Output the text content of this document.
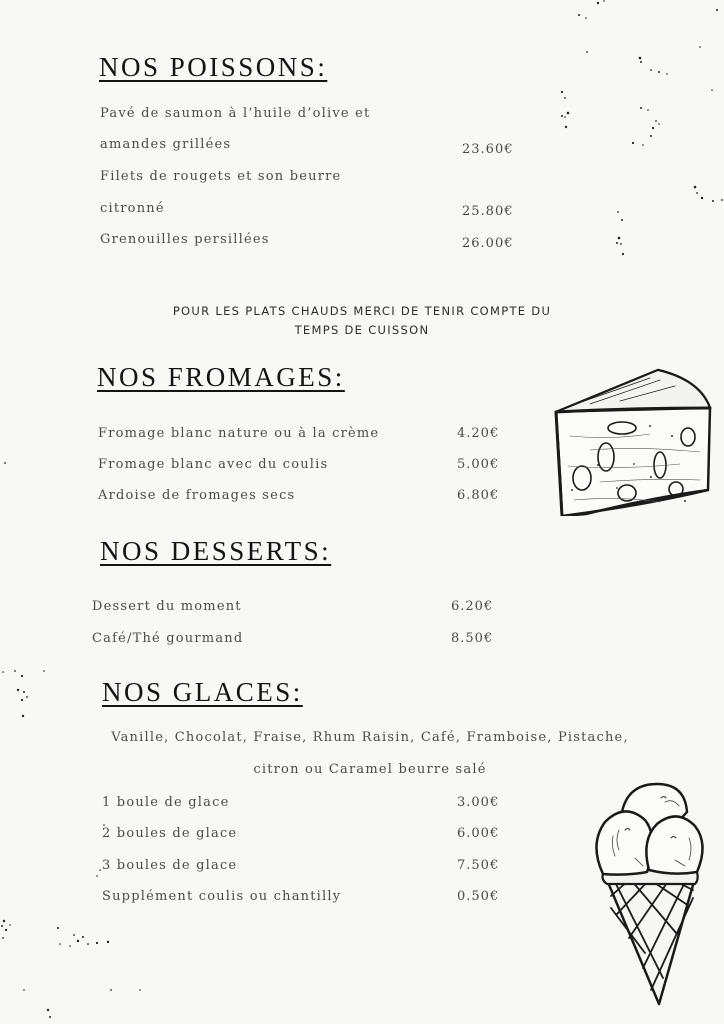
NOS POISSONS:
Pavé de saumon à l’huile d’olive et
amandes grillées	23.60€
Filets de rougets et son beurre
citronné	25.80€
Grenouilles persillées	26.00€
POUR LES PLATS CHAUDS MERCI DE TENIR COMPTE DU
TEMPS DE CUISSON
NOS FROMAGES:
Fromage blanc nature ou à la crème	4.20€
Fromage blanc avec du coulis	5.00€
Ardoise de fromages secs	6.80€
NOS DESSERTS:
Dessert du moment	6.20€
Café/Thé gourmand	8.50€
NOS GLACES:
Vanille, Chocolat, Fraise, Rhum Raisin, Café, Framboise, Pistache,
citron ou Caramel beurre salé
1 boule de glace	3.00€
2 boules de glace	6.00€
3 boules de glace	7.50€
Supplément coulis ou chantilly	0.50€
